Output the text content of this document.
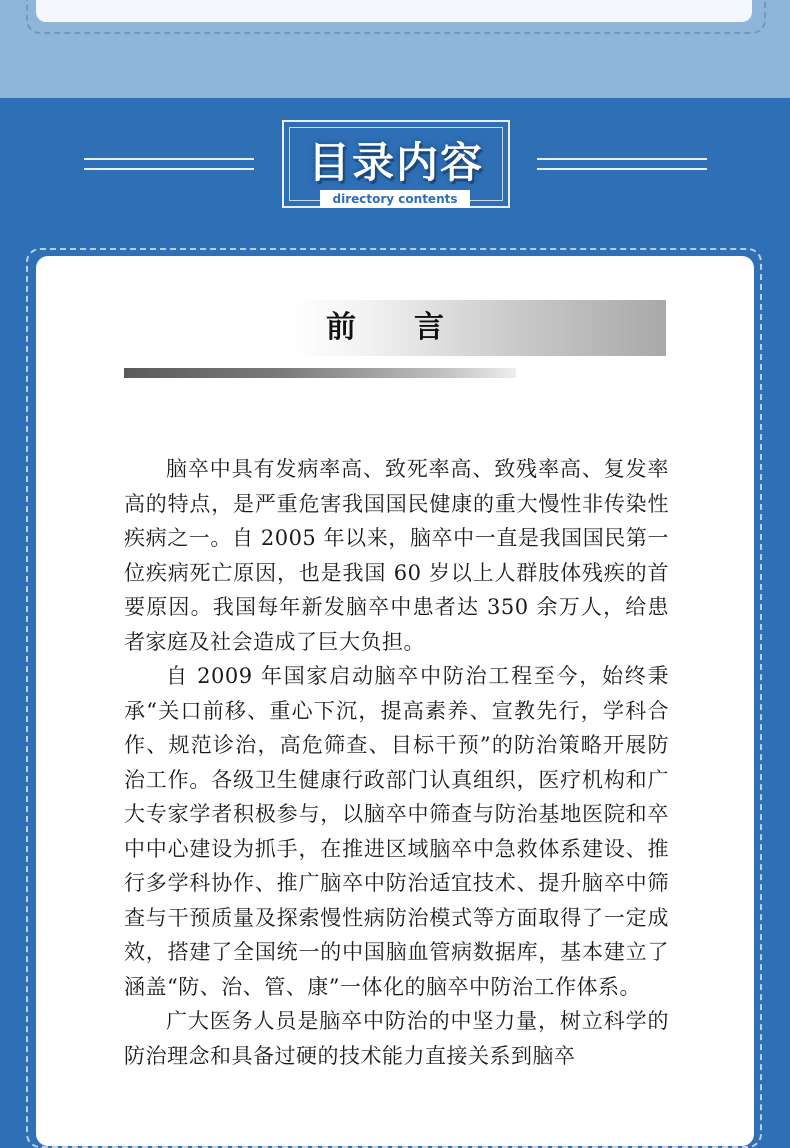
目录内容
directory contents
前言

脑卒中具有发病率高、致死率高、致残率高、复发率高的特点，是严重危害我国国民健康的重大慢性非传染性疾病之一。自 2005 年以来，脑卒中一直是我国国民第一位疾病死亡原因，也是我国 60 岁以上人群肢体残疾的首要原因。我国每年新发脑卒中患者达 350 余万人，给患者家庭及社会造成了巨大负担。

自 2009 年国家启动脑卒中防治工程至今，始终秉承“关口前移、重心下沉，提高素养、宣教先行，学科合作、规范诊治，高危筛查、目标干预”的防治策略开展防治工作。各级卫生健康行政部门认真组织，医疗机构和广大专家学者积极参与，以脑卒中筛查与防治基地医院和卒中中心建设为抓手，在推进区域脑卒中急救体系建设、推行多学科协作、推广脑卒中防治适宜技术、提升脑卒中筛查与干预质量及探索慢性病防治模式等方面取得了一定成效，搭建了全国统一的中国脑血管病数据库，基本建立了涵盖“防、治、管、康”一体化的脑卒中防治工作体系。

广大医务人员是脑卒中防治的中坚力量，树立科学的防治理念和具备过硬的技术能力直接关系到脑卒
